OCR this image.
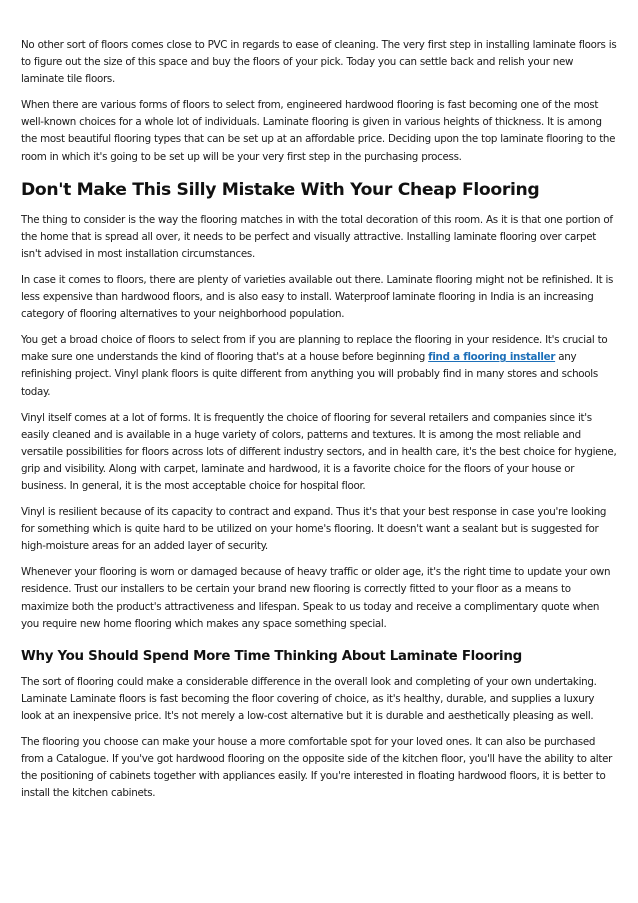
No other sort of floors comes close to PVC in regards to ease of cleaning. The very first step in installing laminate floors is to figure out the size of this space and buy the floors of your pick. Today you can settle back and relish your new laminate tile floors.

When there are various forms of floors to select from, engineered hardwood flooring is fast becoming one of the most well-known choices for a whole lot of individuals. Laminate flooring is given in various heights of thickness. It is among the most beautiful flooring types that can be set up at an affordable price. Deciding upon the top laminate flooring to the room in which it's going to be set up will be your very first step in the purchasing process.

Don't Make This Silly Mistake With Your Cheap Flooring

The thing to consider is the way the flooring matches in with the total decoration of this room. As it is that one portion of the home that is spread all over, it needs to be perfect and visually attractive. Installing laminate flooring over carpet isn't advised in most installation circumstances.

In case it comes to floors, there are plenty of varieties available out there. Laminate flooring might not be refinished. It is less expensive than hardwood floors, and is also easy to install. Waterproof laminate flooring in India is an increasing category of flooring alternatives to your neighborhood population.

You get a broad choice of floors to select from if you are planning to replace the flooring in your residence. It's crucial to make sure one understands the kind of flooring that's at a house before beginning find a flooring installer any refinishing project. Vinyl plank floors is quite different from anything you will probably find in many stores and schools today.

Vinyl itself comes at a lot of forms. It is frequently the choice of flooring for several retailers and companies since it's easily cleaned and is available in a huge variety of colors, patterns and textures. It is among the most reliable and versatile possibilities for floors across lots of different industry sectors, and in health care, it's the best choice for hygiene, grip and visibility. Along with carpet, laminate and hardwood, it is a favorite choice for the floors of your house or business. In general, it is the most acceptable choice for hospital floor.

Vinyl is resilient because of its capacity to contract and expand. Thus it's that your best response in case you're looking for something which is quite hard to be utilized on your home's flooring. It doesn't want a sealant but is suggested for high-moisture areas for an added layer of security.

Whenever your flooring is worn or damaged because of heavy traffic or older age, it's the right time to update your own residence. Trust our installers to be certain your brand new flooring is correctly fitted to your floor as a means to maximize both the product's attractiveness and lifespan. Speak to us today and receive a complimentary quote when you require new home flooring which makes any space something special.

Why You Should Spend More Time Thinking About Laminate Flooring

The sort of flooring could make a considerable difference in the overall look and completing of your own undertaking. Laminate Laminate floors is fast becoming the floor covering of choice, as it's healthy, durable, and supplies a luxury look at an inexpensive price. It's not merely a low-cost alternative but it is durable and aesthetically pleasing as well.

The flooring you choose can make your house a more comfortable spot for your loved ones. It can also be purchased from a Catalogue. If you've got hardwood flooring on the opposite side of the kitchen floor, you'll have the ability to alter the positioning of cabinets together with appliances easily. If you're interested in floating hardwood floors, it is better to install the kitchen cabinets.
